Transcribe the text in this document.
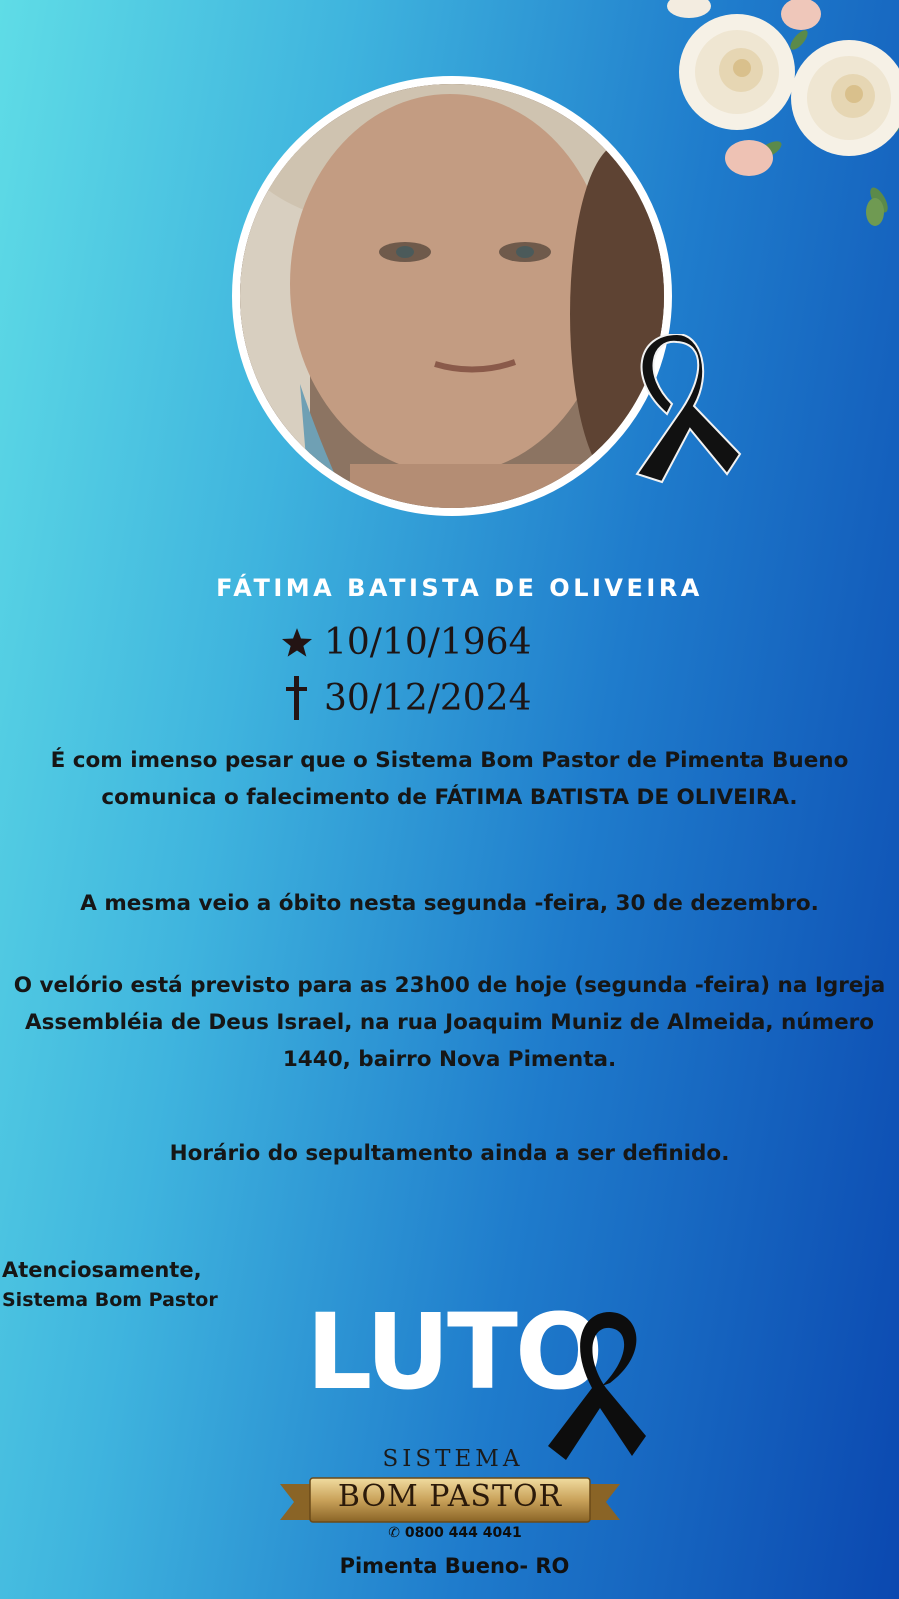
FÁTIMA BATISTA DE OLIVEIRA
10/10/1964
30/12/2024

É com imenso pesar que o Sistema Bom Pastor de Pimenta Bueno comunica o falecimento de FÁTIMA BATISTA DE OLIVEIRA.

A mesma veio a óbito nesta segunda -feira, 30 de dezembro.

O velório está previsto para as 23h00 de hoje (segunda -feira) na Igreja Assembléia de Deus Israel, na rua Joaquim Muniz de Almeida, número 1440, bairro Nova Pimenta.

Horário do sepultamento ainda a ser definido.

Atenciosamente,
Sistema Bom Pastor LUTO
SISTEMA
BOM PASTOR
✆ 0800 444 4041
Pimenta Bueno- RO
